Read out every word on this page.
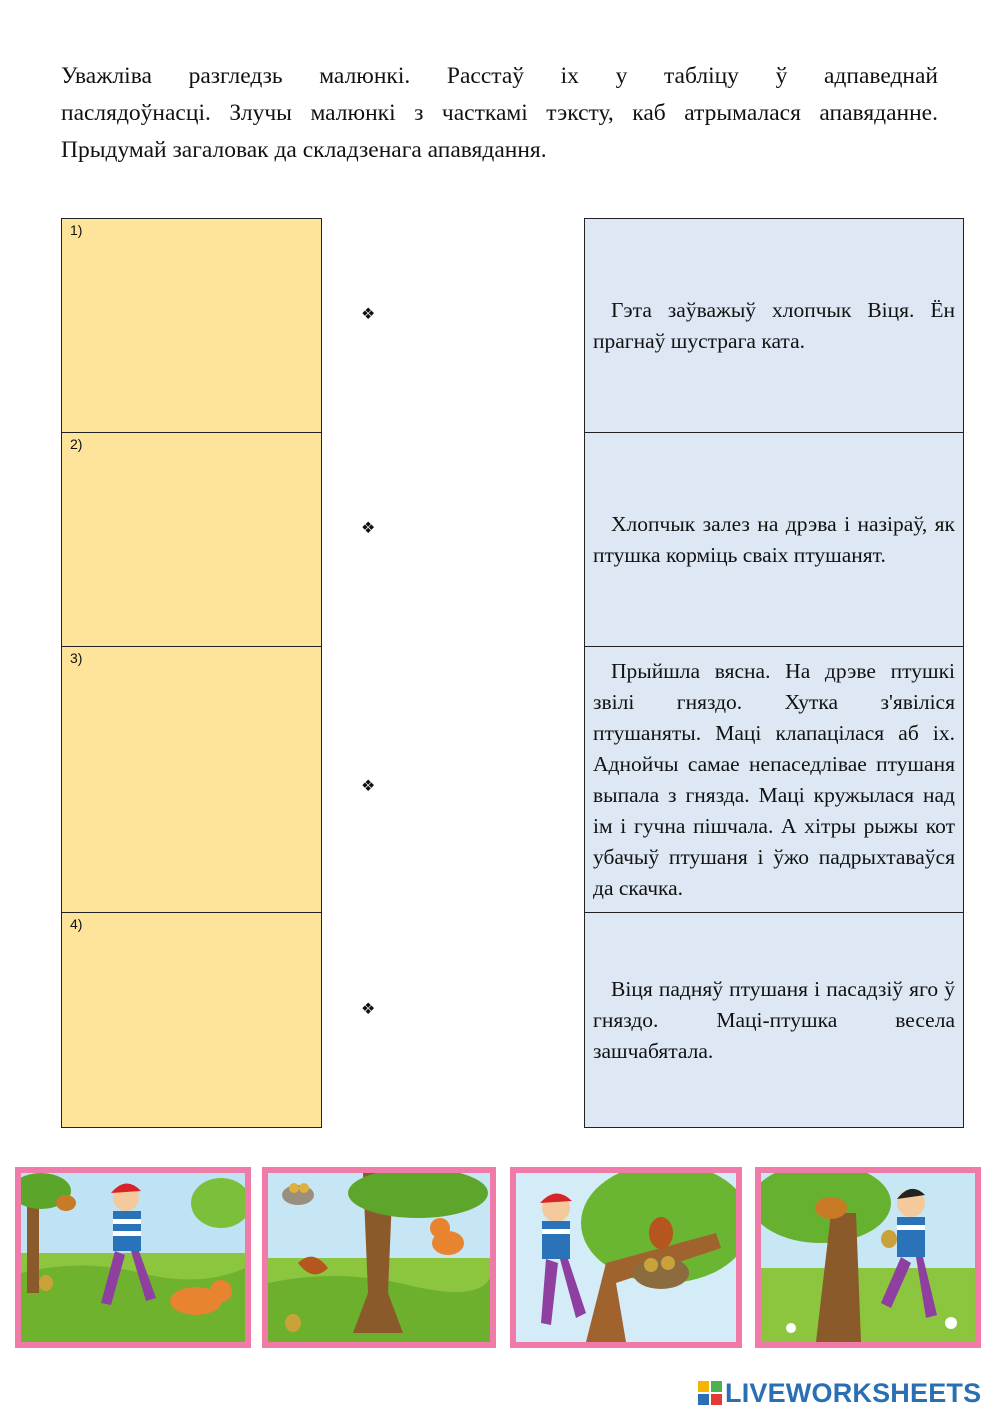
Уважліва разгледзь малюнкі. Расстаў іх у табліцу ў адпаведнай
паслядоўнасці. Злучы малюнкі з часткамі тэксту, каб атрымалася апавяданне.
Прыдумай загаловак да складзенага апавядання.

1)
2)
3)
4)
❖
❖
❖
❖

Гэта заўважыў хлопчык Віця. Ён прагнаў шустрага ката.

Хлопчык залез на дрэва і назіраў, як птушка корміць сваіх птушанят.

Прыйшла вясна. На дрэве птушкі звілі гняздо. Хутка з'явіліся птушаняты. Маці клапацілася аб іх. Аднойчы самае непаседлівае птушаня выпала з гнязда. Маці кружылася над ім і гучна пішчала. А хітры рыжы кот убачыў птушаня і ўжо падрыхтаваўся да скачка.

Віця падняў птушаня і пасадзіў яго ў гняздо. Маці-птушка весела зашчабятала.

LIVEWORKSHEETS
